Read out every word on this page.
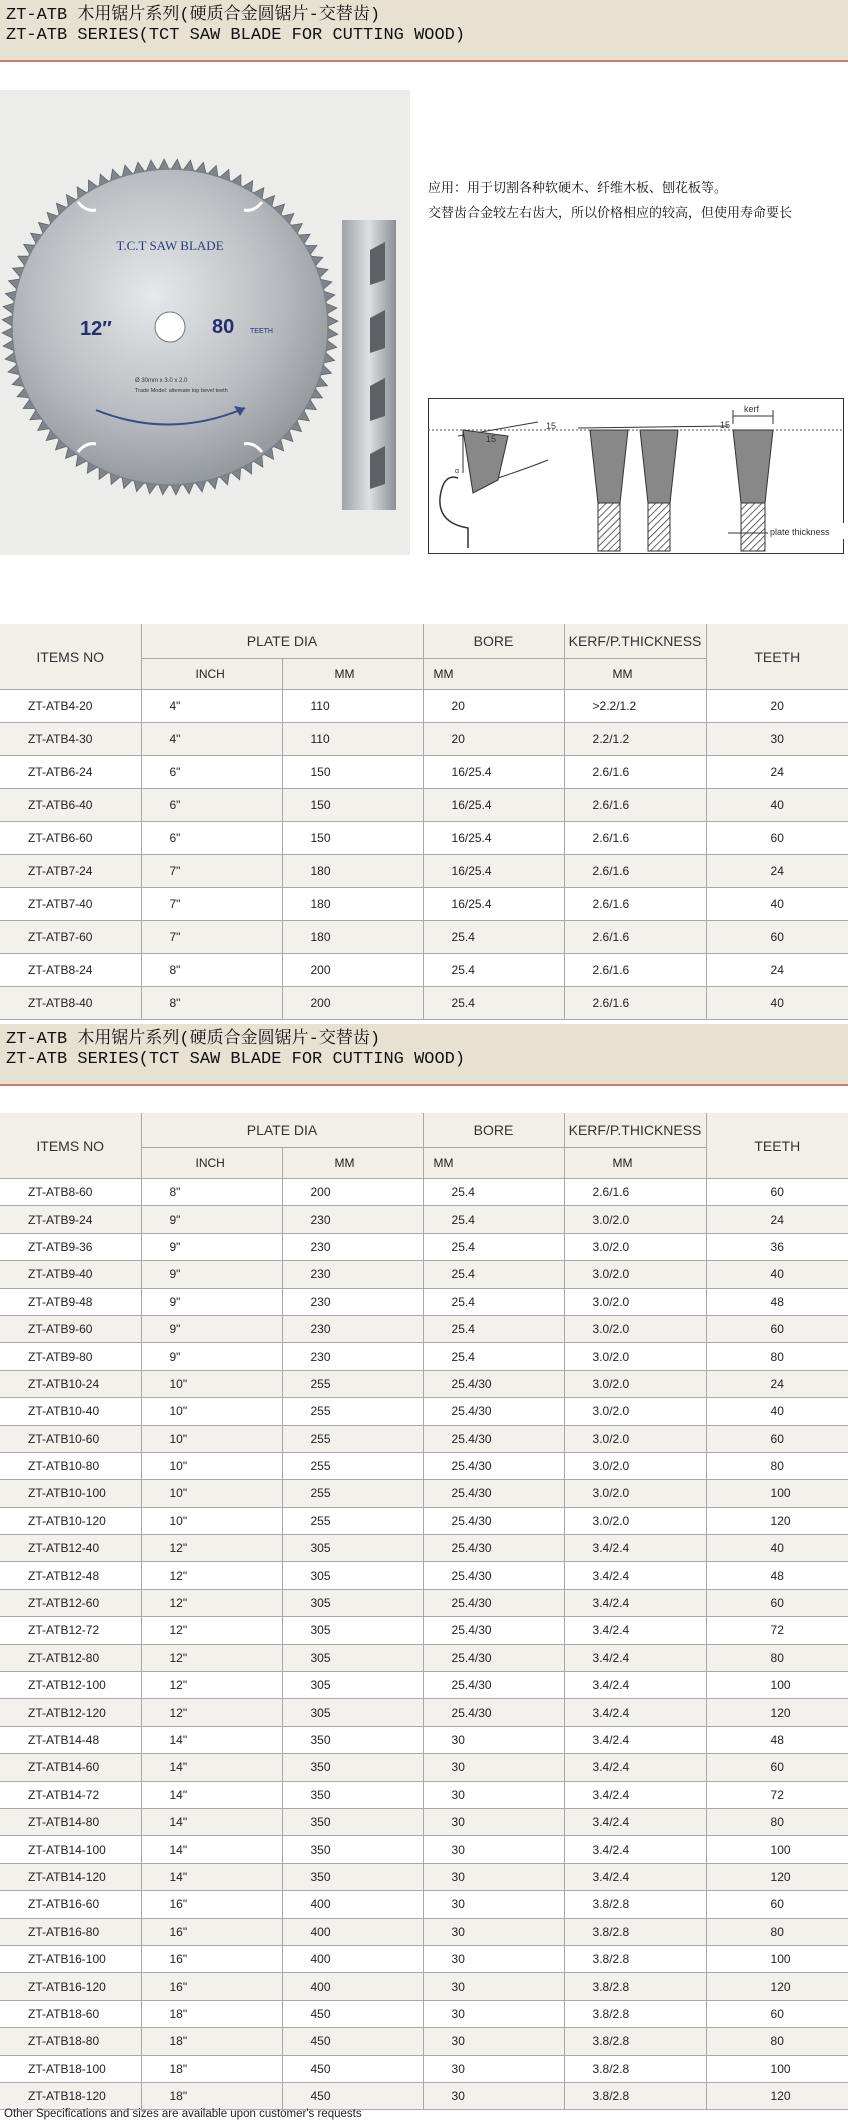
ZT-ATB 木用锯片系列(硬质合金圆锯片-交替齿)
ZT-ATB SERIES(TCT SAW BLADE FOR CUTTING WOOD)
T.C.T SAW BLADE
12″	80 TEETH
Ø 30mm x 3.0 x 2.0
Trade Model: alternate top bevel teeth
应用：用于切割各种软硬木、纤维木板、刨花板等。
交替齿合金较左右齿大，所以价格相应的较高，但使用寿命要长
15
15
α
15
kerf
plate thickness
ITEMS NO	PLATE DIA		BORE	KERF/P.THICKNESS	TEETH
	INCH	MM	MM	MM	
ZT-ATB4-20	4"	110	20	>2.2/1.2	20
ZT-ATB4-30	4"	110	20	2.2/1.2	30
ZT-ATB6-24	6"	150	16/25.4	2.6/1.6	24
ZT-ATB6-40	6"	150	16/25.4	2.6/1.6	40
ZT-ATB6-60	6"	150	16/25.4	2.6/1.6	60
ZT-ATB7-24	7"	180	16/25.4	2.6/1.6	24
ZT-ATB7-40	7"	180	16/25.4	2.6/1.6	40
ZT-ATB7-60	7"	180	25.4	2.6/1.6	60
ZT-ATB8-24	8"	200	25.4	2.6/1.6	24
ZT-ATB8-40	8"	200	25.4	2.6/1.6	40
ZT-ATB 木用锯片系列(硬质合金圆锯片-交替齿)
ZT-ATB SERIES(TCT SAW BLADE FOR CUTTING WOOD)
ITEMS NO	PLATE DIA		BORE	KERF/P.THICKNESS	TEETH
	INCH	MM	MM	MM	
ZT-ATB8-60	8"	200	25.4	2.6/1.6	60
ZT-ATB9-24	9"	230	25.4	3.0/2.0	24
ZT-ATB9-36	9"	230	25.4	3.0/2.0	36
ZT-ATB9-40	9"	230	25.4	3.0/2.0	40
ZT-ATB9-48	9"	230	25.4	3.0/2.0	48
ZT-ATB9-60	9"	230	25.4	3.0/2.0	60
ZT-ATB9-80	9"	230	25.4	3.0/2.0	80
ZT-ATB10-24	10"	255	25.4/30	3.0/2.0	24
ZT-ATB10-40	10"	255	25.4/30	3.0/2.0	40
ZT-ATB10-60	10"	255	25.4/30	3.0/2.0	60
ZT-ATB10-80	10"	255	25.4/30	3.0/2.0	80
ZT-ATB10-100	10"	255	25.4/30	3.0/2.0	100
ZT-ATB10-120	10"	255	25.4/30	3.0/2.0	120
ZT-ATB12-40	12"	305	25.4/30	3.4/2.4	40
ZT-ATB12-48	12"	305	25.4/30	3.4/2.4	48
ZT-ATB12-60	12"	305	25.4/30	3.4/2.4	60
ZT-ATB12-72	12"	305	25.4/30	3.4/2.4	72
ZT-ATB12-80	12"	305	25.4/30	3.4/2.4	80
ZT-ATB12-100	12"	305	25.4/30	3.4/2.4	100
ZT-ATB12-120	12"	305	25.4/30	3.4/2.4	120
ZT-ATB14-48	14"	350	30	3.4/2.4	48
ZT-ATB14-60	14"	350	30	3.4/2.4	60
ZT-ATB14-72	14"	350	30	3.4/2.4	72
ZT-ATB14-80	14"	350	30	3.4/2.4	80
ZT-ATB14-100	14"	350	30	3.4/2.4	100
ZT-ATB14-120	14"	350	30	3.4/2.4	120
ZT-ATB16-60	16"	400	30	3.8/2.8	60
ZT-ATB16-80	16"	400	30	3.8/2.8	80
ZT-ATB16-100	16"	400	30	3.8/2.8	100
ZT-ATB16-120	16"	400	30	3.8/2.8	120
ZT-ATB18-60	18"	450	30	3.8/2.8	60
ZT-ATB18-80	18"	450	30	3.8/2.8	80
ZT-ATB18-100	18"	450	30	3.8/2.8	100
ZT-ATB18-120	18"	450	30	3.8/2.8	120
Other Specifications and sizes are available upon customer's requests
